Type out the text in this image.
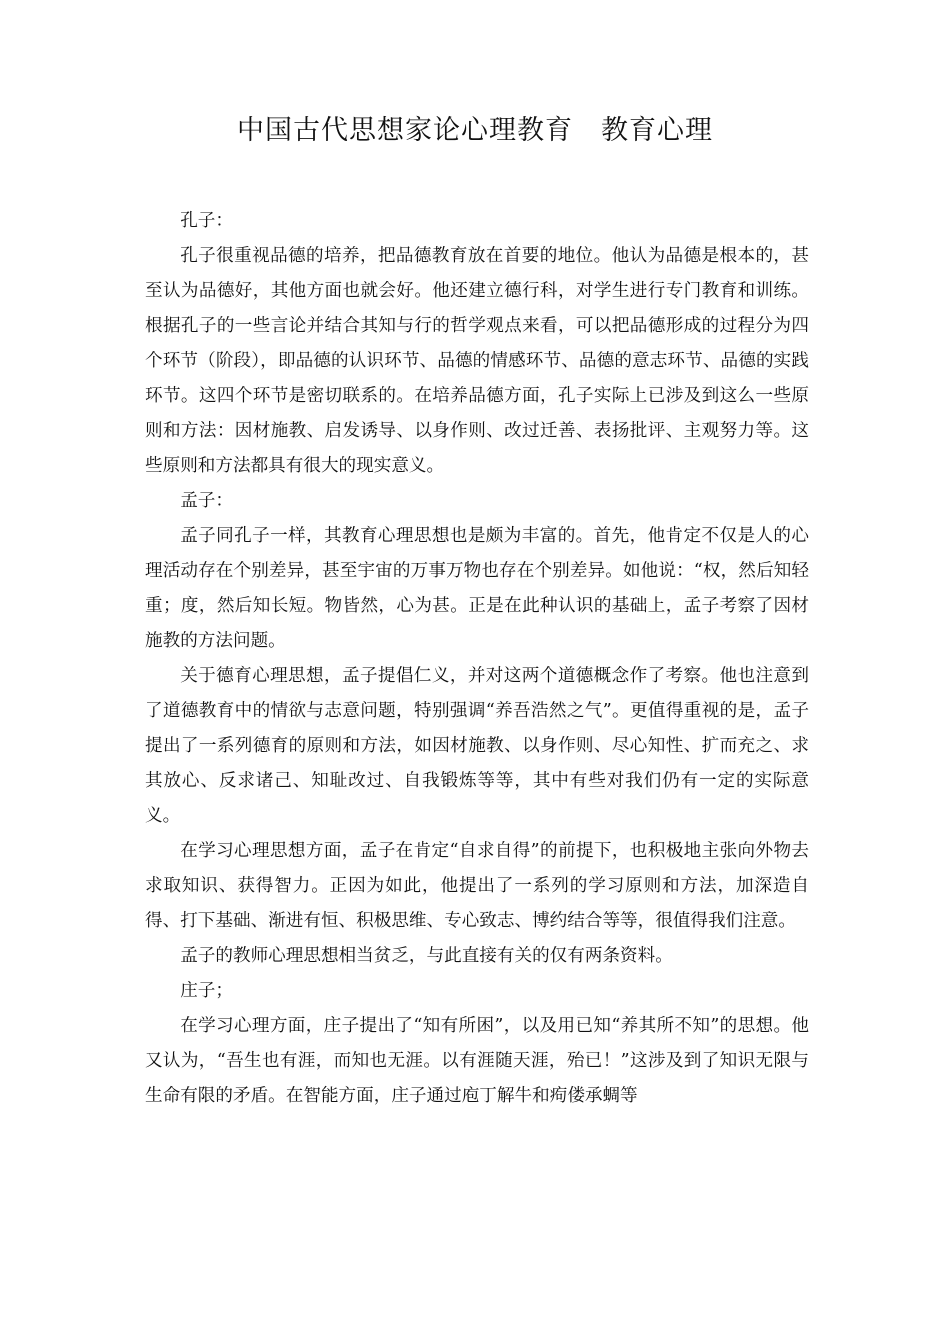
中国古代思想家论心理教育　教育心理

孔子：

孔子很重视品德的培养，把品德教育放在首要的地位。他认为品德是根本的，甚至认为品德好，其他方面也就会好。他还建立德行科，对学生进行专门教育和训练。根据孔子的一些言论并结合其知与行的哲学观点来看，可以把品德形成的过程分为四个环节（阶段），即品德的认识环节、品德的情感环节、品德的意志环节、品德的实践环节。这四个环节是密切联系的。在培养品德方面，孔子实际上已涉及到这么一些原则和方法：因材施教、启发诱导、以身作则、改过迁善、表扬批评、主观努力等。这些原则和方法都具有很大的现实意义。

孟子：

孟子同孔子一样，其教育心理思想也是颇为丰富的。首先，他肯定不仅是人的心理活动存在个别差异，甚至宇宙的万事万物也存在个别差异。如他说：“权，然后知轻重；度，然后知长短。物皆然，心为甚。正是在此种认识的基础上，孟子考察了因材施教的方法问题。

关于德育心理思想，孟子提倡仁义，并对这两个道德概念作了考察。他也注意到了道德教育中的情欲与志意问题，特别强调“养吾浩然之气”。更值得重视的是，孟子提出了一系列德育的原则和方法，如因材施教、以身作则、尽心知性、扩而充之、求其放心、反求诸己、知耻改过、自我锻炼等等，其中有些对我们仍有一定的实际意义。

在学习心理思想方面，孟子在肯定“自求自得”的前提下，也积极地主张向外物去求取知识、获得智力。正因为如此，他提出了一系列的学习原则和方法，加深造自得、打下基础、渐进有恒、积极思维、专心致志、博约结合等等，很值得我们注意。

孟子的教师心理思想相当贫乏，与此直接有关的仅有两条资料。

庄子；

在学习心理方面，庄子提出了“知有所困”，以及用已知“养其所不知”的思想。他又认为，“吾生也有涯，而知也无涯。以有涯随天涯，殆已！”这涉及到了知识无限与生命有限的矛盾。在智能方面，庄子通过庖丁解牛和痀偻承蜩等
